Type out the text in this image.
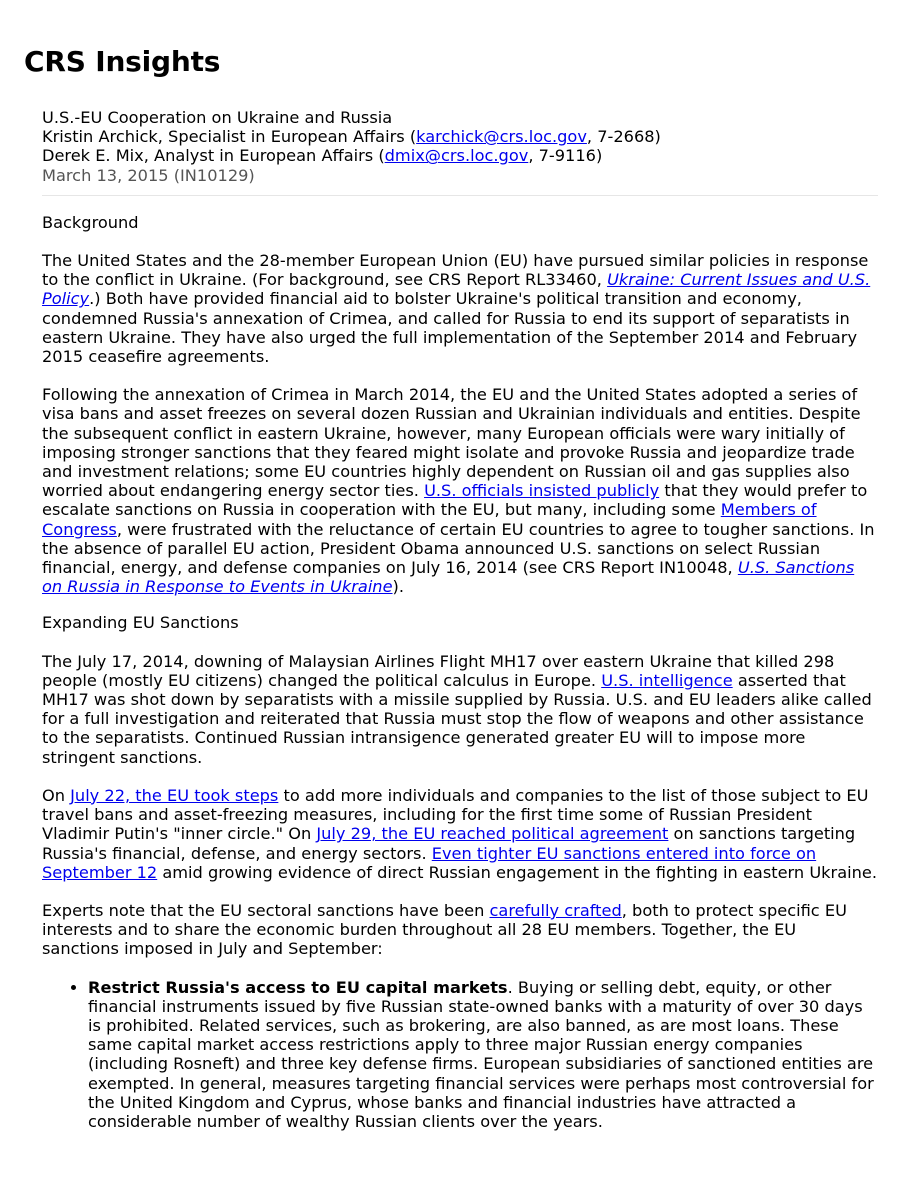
CRS Insights

U.S.-EU Cooperation on Ukraine and Russia

Kristin Archick, Specialist in European Affairs (karchick@crs.loc.gov, 7-2668)

Derek E. Mix, Analyst in European Affairs (dmix@crs.loc.gov, 7-9116)

March 13, 2015 (IN10129)

Background

The United States and the 28-member European Union (EU) have pursued similar policies in response to the conflict in Ukraine. (For background, see CRS Report RL33460, Ukraine: Current Issues and U.S. Policy.) Both have provided financial aid to bolster Ukraine's political transition and economy, condemned Russia's annexation of Crimea, and called for Russia to end its support of separatists in eastern Ukraine. They have also urged the full implementation of the September 2014 and February 2015 ceasefire agreements.

Following the annexation of Crimea in March 2014, the EU and the United States adopted a series of visa bans and asset freezes on several dozen Russian and Ukrainian individuals and entities. Despite the subsequent conflict in eastern Ukraine, however, many European officials were wary initially of imposing stronger sanctions that they feared might isolate and provoke Russia and jeopardize trade and investment relations; some EU countries highly dependent on Russian oil and gas supplies also worried about endangering energy sector ties. U.S. officials insisted publicly that they would prefer to escalate sanctions on Russia in cooperation with the EU, but many, including some Members of Congress, were frustrated with the reluctance of certain EU countries to agree to tougher sanctions. In the absence of parallel EU action, President Obama announced U.S. sanctions on select Russian financial, energy, and defense companies on July 16, 2014 (see CRS Report IN10048, U.S. Sanctions on Russia in Response to Events in Ukraine).

Expanding EU Sanctions

The July 17, 2014, downing of Malaysian Airlines Flight MH17 over eastern Ukraine that killed 298 people (mostly EU citizens) changed the political calculus in Europe. U.S. intelligence asserted that MH17 was shot down by separatists with a missile supplied by Russia. U.S. and EU leaders alike called for a full investigation and reiterated that Russia must stop the flow of weapons and other assistance to the separatists. Continued Russian intransigence generated greater EU will to impose more stringent sanctions.

On July 22, the EU took steps to add more individuals and companies to the list of those subject to EU travel bans and asset-freezing measures, including for the first time some of Russian President Vladimir Putin's "inner circle." On July 29, the EU reached political agreement on sanctions targeting Russia's financial, defense, and energy sectors. Even tighter EU sanctions entered into force on September 12 amid growing evidence of direct Russian engagement in the fighting in eastern Ukraine.

Experts note that the EU sectoral sanctions have been carefully crafted, both to protect specific EU interests and to share the economic burden throughout all 28 EU members. Together, the EU sanctions imposed in July and September:

• Restrict Russia's access to EU capital markets. Buying or selling debt, equity, or other financial instruments issued by five Russian state-owned banks with a maturity of over 30 days is prohibited. Related services, such as brokering, are also banned, as are most loans. These same capital market access restrictions apply to three major Russian energy companies (including Rosneft) and three key defense firms. European subsidiaries of sanctioned entities are exempted. In general, measures targeting financial services were perhaps most controversial for the United Kingdom and Cyprus, whose banks and financial industries have attracted a considerable number of wealthy Russian clients over the years.
